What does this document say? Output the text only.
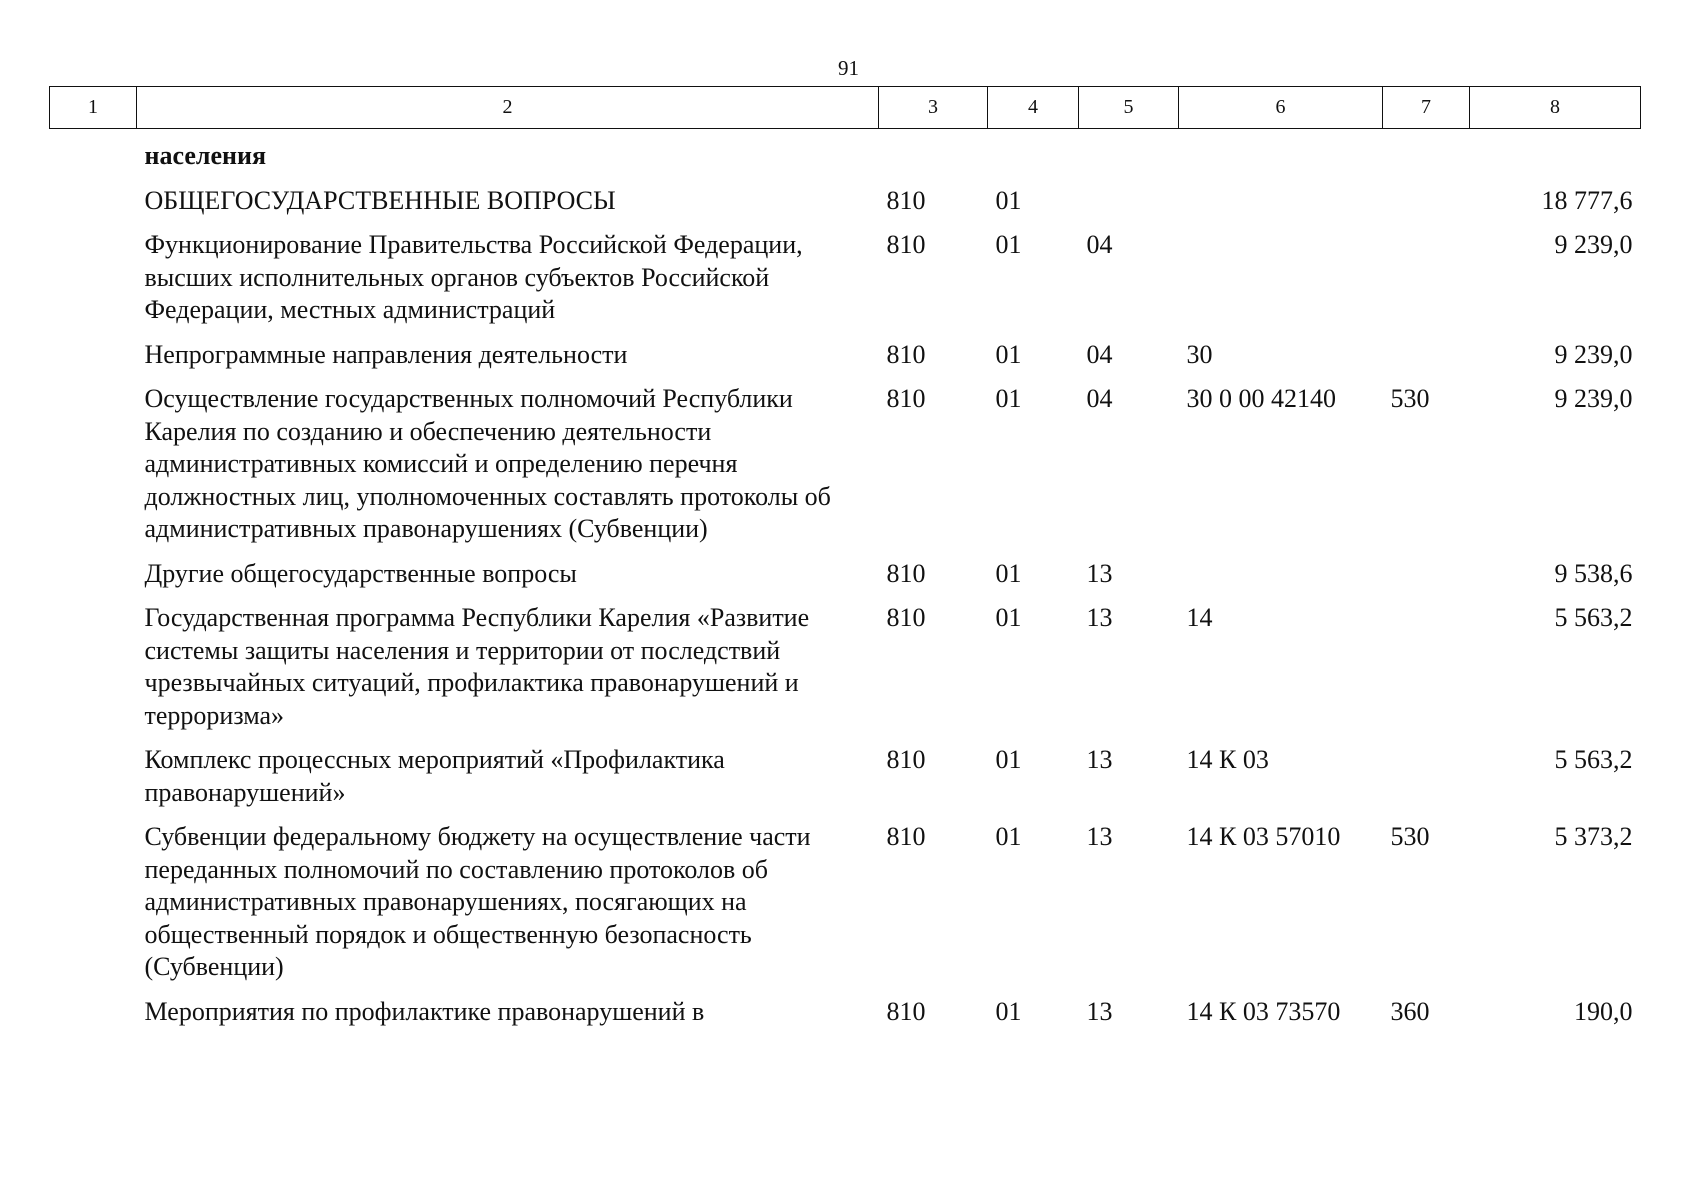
91
1	2	3	4	5	6	7	8
	населения						
	ОБЩЕГОСУДАРСТВЕННЫЕ ВОПРОСЫ	810	01				18 777,6
	Функционирование Правительства Российской Федерации, высших исполнительных органов субъектов Российской Федерации, местных администраций	810	01	04			9 239,0
	Непрограммные направления деятельности	810	01	04	30		9 239,0
	Осуществление государственных полномочий Республики Карелия по созданию и обеспечению деятельности административных комиссий и определению перечня должностных лиц, уполномоченных составлять протоколы об административных правонарушениях (Субвенции)	810	01	04	30 0 00 42140	530	9 239,0
	Другие общегосударственные вопросы	810	01	13			9 538,6
	Государственная программа Республики Карелия «Развитие системы защиты населения и территории от последствий чрезвычайных ситуаций, профилактика правонарушений и терроризма»	810	01	13	14		5 563,2
	Комплекс процессных мероприятий «Профилактика правонарушений»	810	01	13	14 К 03		5 563,2
	Субвенции федеральному бюджету на осуществление части переданных полномочий по составлению протоколов об административных правонарушениях, посягающих на общественный порядок и общественную безопасность (Субвенции)	810	01	13	14 К 03 57010	530	5 373,2
	Мероприятия по профилактике правонарушений в	810	01	13	14 К 03 73570	360	190,0
